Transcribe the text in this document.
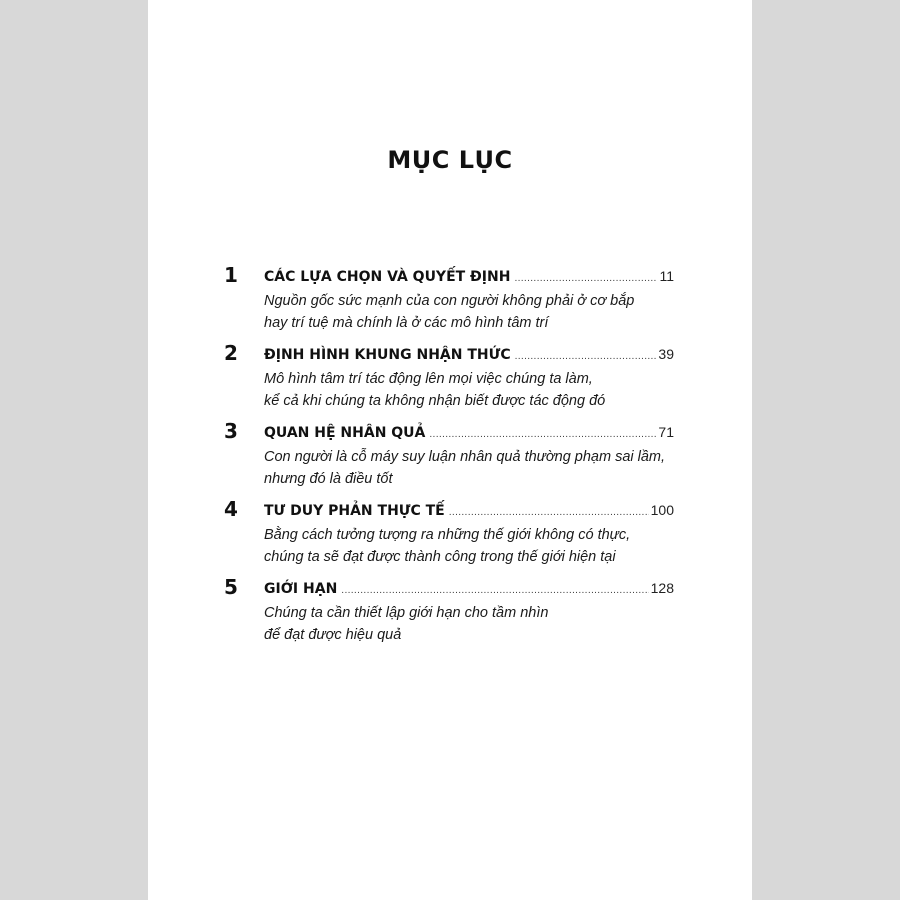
MỤC LỤC
1 CÁC LỰA CHỌN VÀ QUYẾT ĐỊNH .....	11
Nguồn gốc sức mạnh của con người không phải ở cơ bắp
hay trí tuệ mà chính là ở các mô hình tâm trí
2 ĐỊNH HÌNH KHUNG NHẬN THỨC .....	39
Mô hình tâm trí tác động lên mọi việc chúng ta làm,
kể cả khi chúng ta không nhận biết được tác động đó
3 QUAN HỆ NHÂN QUẢ .....	71
Con người là cỗ máy suy luận nhân quả thường phạm sai lầm,
nhưng đó là điều tốt
4 TƯ DUY PHẢN THỰC TẾ .....	100
Bằng cách tưởng tượng ra những thế giới không có thực,
chúng ta sẽ đạt được thành công trong thế giới hiện tại
5 GIỚI HẠN .....	128
Chúng ta cần thiết lập giới hạn cho tầm nhìn
để đạt được hiệu quả
